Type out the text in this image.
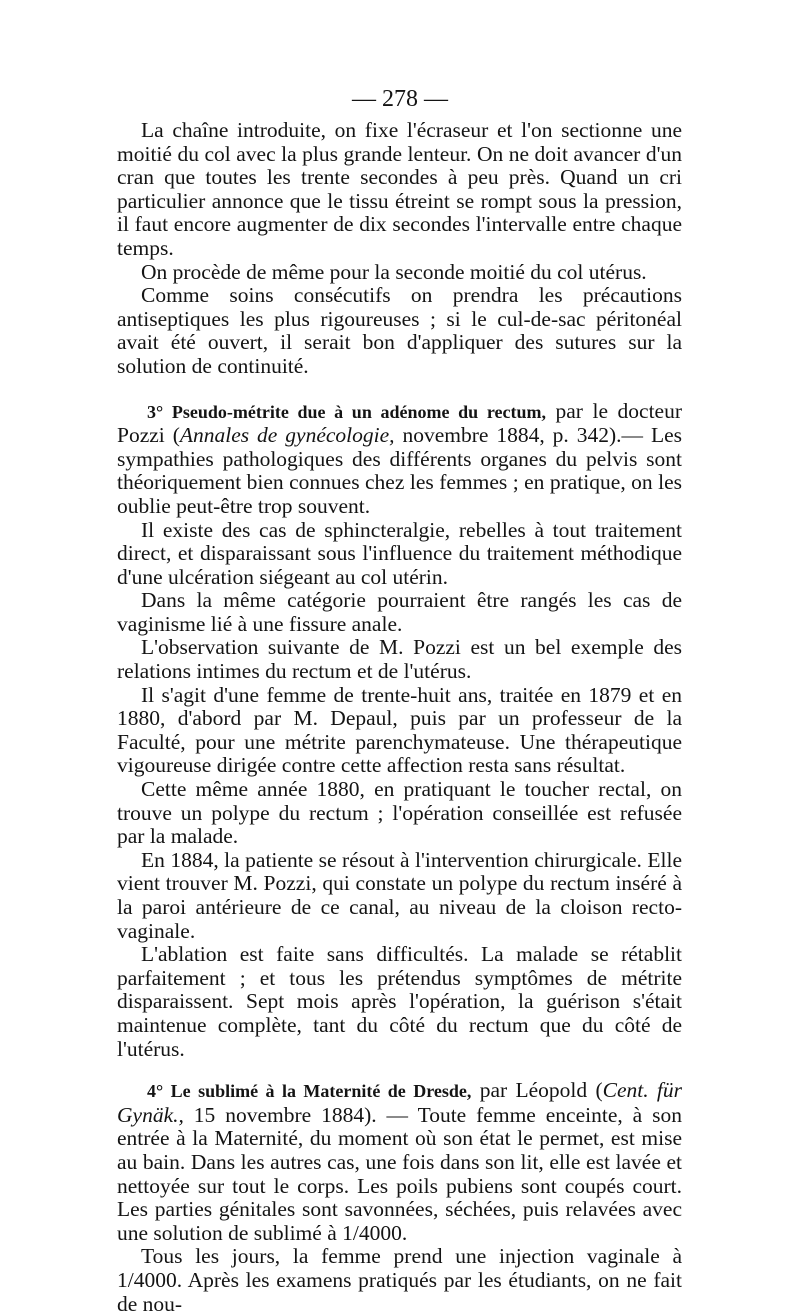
— 278 —

La chaîne introduite, on fixe l'écraseur et l'on sectionne une moitié du col avec la plus grande lenteur. On ne doit avancer d'un cran que toutes les trente secondes à peu près. Quand un cri particulier annonce que le tissu étreint se rompt sous la pression, il faut encore augmenter de dix secondes l'intervalle entre chaque temps.

On procède de même pour la seconde moitié du col utérus.

Comme soins consécutifs on prendra les précautions antiseptiques les plus rigoureuses ; si le cul-de-sac péritonéal avait été ouvert, il serait bon d'appliquer des sutures sur la solution de continuité.

3° Pseudo-métrite due à un adénome du rectum, par le docteur Pozzi (Annales de gynécologie, novembre 1884, p. 342).— Les sympathies pathologiques des différents organes du pelvis sont théoriquement bien connues chez les femmes ; en pratique, on les oublie peut-être trop souvent.

Il existe des cas de sphincteralgie, rebelles à tout traitement direct, et disparaissant sous l'influence du traitement méthodique d'une ulcération siégeant au col utérin.

Dans la même catégorie pourraient être rangés les cas de vaginisme lié à une fissure anale.

L'observation suivante de M. Pozzi est un bel exemple des relations intimes du rectum et de l'utérus.

Il s'agit d'une femme de trente-huit ans, traitée en 1879 et en 1880, d'abord par M. Depaul, puis par un professeur de la Faculté, pour une métrite parenchymateuse. Une thérapeutique vigoureuse dirigée contre cette affection resta sans résultat.

Cette même année 1880, en pratiquant le toucher rectal, on trouve un polype du rectum ; l'opération conseillée est refusée par la malade.

En 1884, la patiente se résout à l'intervention chirurgicale. Elle vient trouver M. Pozzi, qui constate un polype du rectum inséré à la paroi antérieure de ce canal, au niveau de la cloison recto-vaginale.

L'ablation est faite sans difficultés. La malade se rétablit parfaitement ; et tous les prétendus symptômes de métrite disparaissent. Sept mois après l'opération, la guérison s'était maintenue complète, tant du côté du rectum que du côté de l'utérus.

4° Le sublimé à la Maternité de Dresde, par Léopold (Cent. für Gynäk., 15 novembre 1884). — Toute femme enceinte, à son entrée à la Maternité, du moment où son état le permet, est mise au bain. Dans les autres cas, une fois dans son lit, elle est lavée et nettoyée sur tout le corps. Les poils pubiens sont coupés court. Les parties génitales sont savonnées, séchées, puis relavées avec une solution de sublimé à 1/4000.

Tous les jours, la femme prend une injection vaginale à 1/4000. Après les examens pratiqués par les étudiants, on ne fait de nou-
